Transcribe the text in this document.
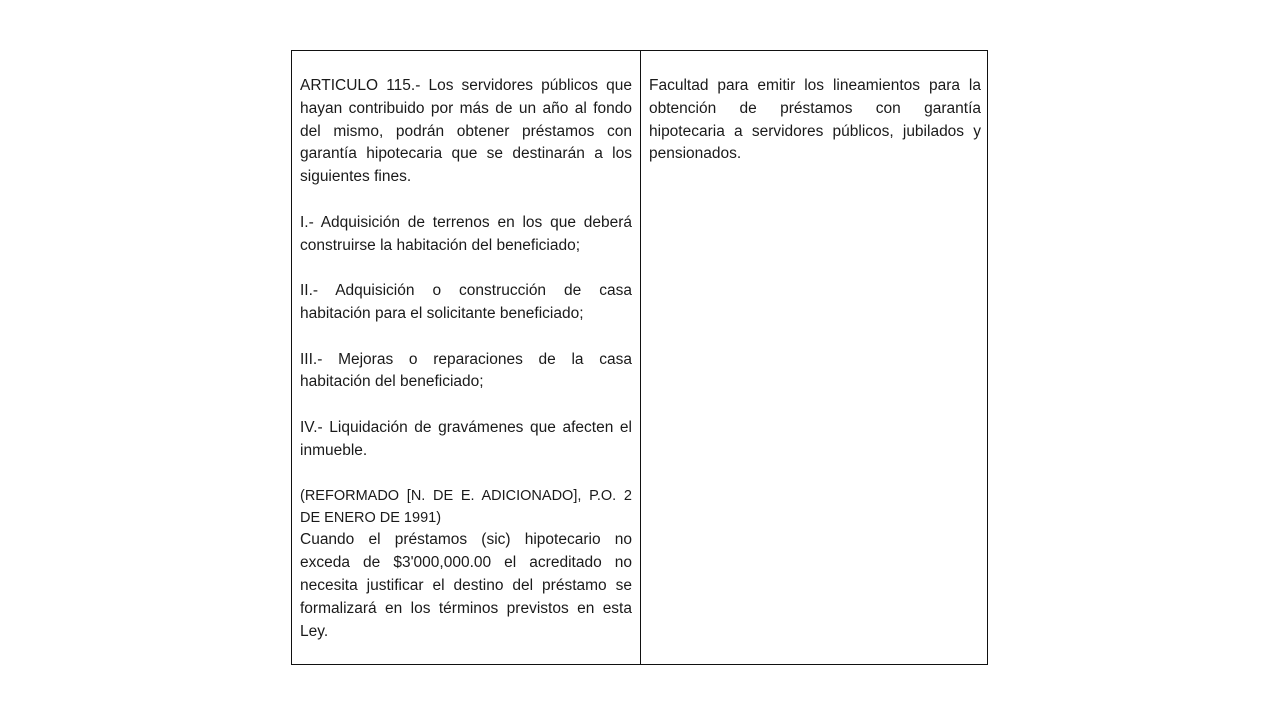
ARTICULO 115.- Los servidores públicos que hayan contribuido por más de un año al fondo del mismo, podrán obtener préstamos con garantía hipotecaria que se destinarán a los siguientes fines.

I.- Adquisición de terrenos en los que deberá construirse la habitación del beneficiado;

II.- Adquisición o construcción de casa habitación para el solicitante beneficiado;

III.- Mejoras o reparaciones de la casa habitación del beneficiado;

IV.- Liquidación de gravámenes que afecten el inmueble.

(REFORMADO [N. DE E. ADICIONADO], P.O. 2 DE ENERO DE 1991)

Cuando el préstamos (sic) hipotecario no exceda de $3'000,000.00 el acreditado no necesita justificar el destino del préstamo se formalizará en los términos previstos en esta Ley.

Facultad para emitir los lineamientos para la obtención de préstamos con garantía hipotecaria a servidores públicos, jubilados y pensionados.
